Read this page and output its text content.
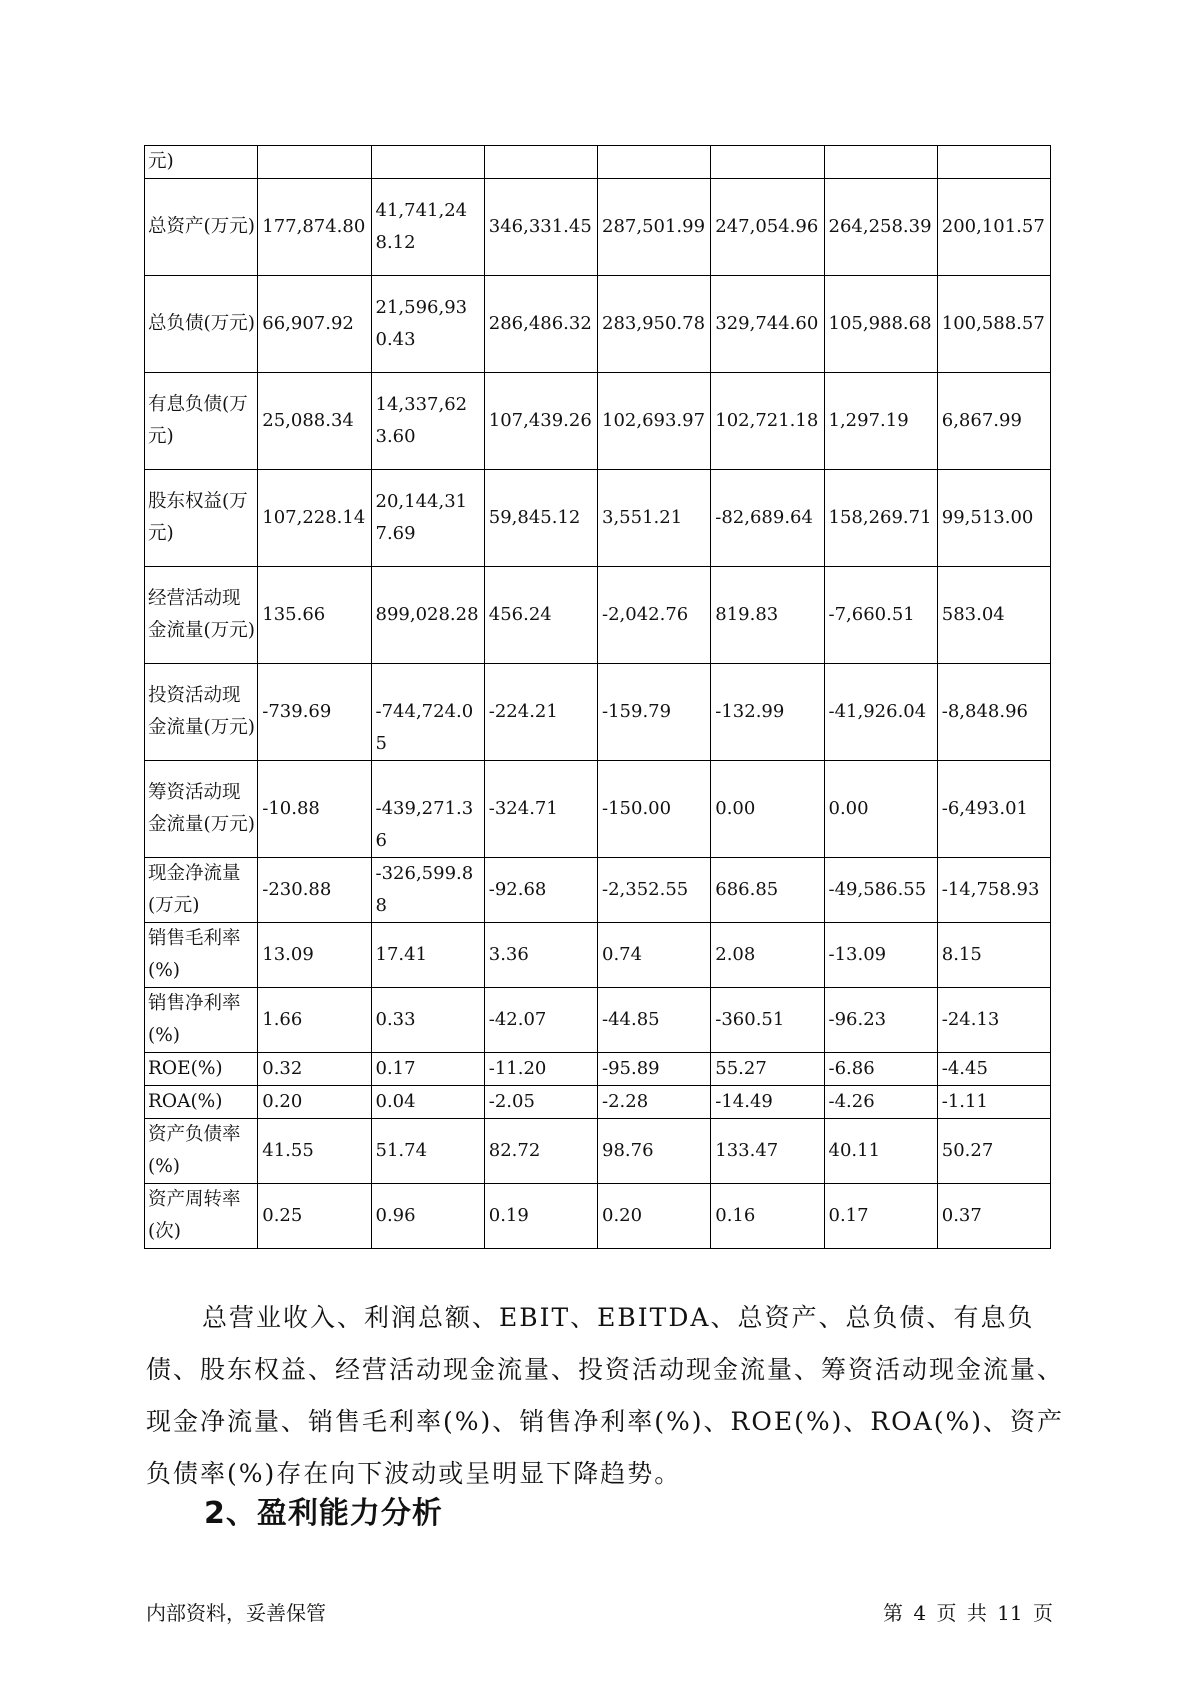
元)							
总资产(万元)	177,874.80	41,741,248.12	346,331.45	287,501.99	247,054.96	264,258.39	200,101.57
总负债(万元)	66,907.92	21,596,930.43	286,486.32	283,950.78	329,744.60	105,988.68	100,588.57
有息负债(万元)	25,088.34	14,337,623.60	107,439.26	102,693.97	102,721.18	1,297.19	6,867.99
股东权益(万元)	107,228.14	20,144,317.69	59,845.12	3,551.21	-82,689.64	158,269.71	99,513.00
经营活动现金流量(万元)	135.66	899,028.28	456.24	-2,042.76	819.83	-7,660.51	583.04
投资活动现金流量(万元)	-739.69	-744,724.05	-224.21	-159.79	-132.99	-41,926.04	-8,848.96
筹资活动现金流量(万元)	-10.88	-439,271.36	-324.71	-150.00	0.00	0.00	-6,493.01
现金净流量(万元)	-230.88	-326,599.88	-92.68	-2,352.55	686.85	-49,586.55	-14,758.93
销售毛利率(%)	13.09	17.41	3.36	0.74	2.08	-13.09	8.15
销售净利率(%)	1.66	0.33	-42.07	-44.85	-360.51	-96.23	-24.13
ROE(%)	0.32	0.17	-11.20	-95.89	55.27	-6.86	-4.45
ROA(%)	0.20	0.04	-2.05	-2.28	-14.49	-4.26	-1.11
资产负债率(%)	41.55	51.74	82.72	98.76	133.47	40.11	50.27
资产周转率(次)	0.25	0.96	0.19	0.20	0.16	0.17	0.37

总营业收入、利润总额、EBIT、EBITDA、总资产、总负债、有息负债、股东权益、经营活动现金流量、投资活动现金流量、筹资活动现金流量、现金净流量、销售毛利率(%)、销售净利率(%)、ROE(%)、ROA(%)、资产负债率(%)存在向下波动或呈明显下降趋势。

2、盈利能力分析
内部资料，妥善保管	第 4 页 共 11 页
